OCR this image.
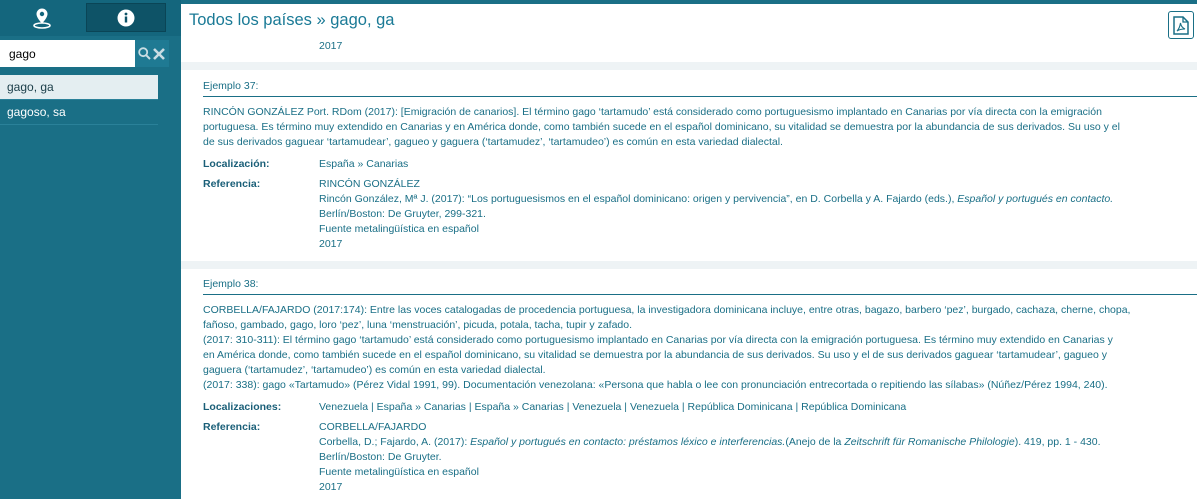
gago
gago, ga
gagoso, sa
Todos los países » gago, ga
2017
Ejemplo 37:
RINCÓN GONZÁLEZ Port. RDom (2017): [Emigración de canarios]. El término gago ‘tartamudo’ está considerado como portuguesismo implantado en Canarias por vía directa con la emigración
portuguesa. Es término muy extendido en Canarias y en América donde, como también sucede en el español dominicano, su vitalidad se demuestra por la abundancia de sus derivados. Su uso y el
de sus derivados gaguear ‘tartamudear’, gagueo y gaguera (‘tartamudez’, ‘tartamudeo’) es común en esta variedad dialectal.
Localización:	España » Canarias
Referencia:	RINCÓN GONZÁLEZ
Rincón González, Mª J. (2017): “Los portuguesismos en el español dominicano: origen y pervivencia”, en D. Corbella y A. Fajardo (eds.), Español y portugués en contacto.
Berlín/Boston: De Gruyter, 299-321.
Fuente metalingüística en español
2017
Ejemplo 38:
CORBELLA/FAJARDO (2017:174): Entre las voces catalogadas de procedencia portuguesa, la investigadora dominicana incluye, entre otras, bagazo, barbero ‘pez’, burgado, cachaza, cherne, chopa,
fañoso, gambado, gago, loro ‘pez’, luna ‘menstruación’, picuda, potala, tacha, tupir y zafado.
(2017: 310-311): El término gago ‘tartamudo’ está considerado como portuguesismo implantado en Canarias por vía directa con la emigración portuguesa. Es término muy extendido en Canarias y
en América donde, como también sucede en el español dominicano, su vitalidad se demuestra por la abundancia de sus derivados. Su uso y el de sus derivados gaguear ‘tartamudear’, gagueo y
gaguera (‘tartamudez’, ‘tartamudeo’) es común en esta variedad dialectal.
(2017: 338): gago «Tartamudo» (Pérez Vidal 1991, 99). Documentación venezolana: «Persona que habla o lee con pronunciación entrecortada o repitiendo las sílabas» (Núñez/Pérez 1994, 240).
Localizaciones:	Venezuela | España » Canarias | España » Canarias | Venezuela | Venezuela | República Dominicana | República Dominicana
Referencia:	CORBELLA/FAJARDO
Corbella, D.; Fajardo, A. (2017): Español y portugués en contacto: préstamos léxico e interferencias.(Anejo de la Zeitschrift für Romanische Philologie). 419, pp. 1 - 430.
Berlín/Boston: De Gruyter.
Fuente metalingüística en español
2017
